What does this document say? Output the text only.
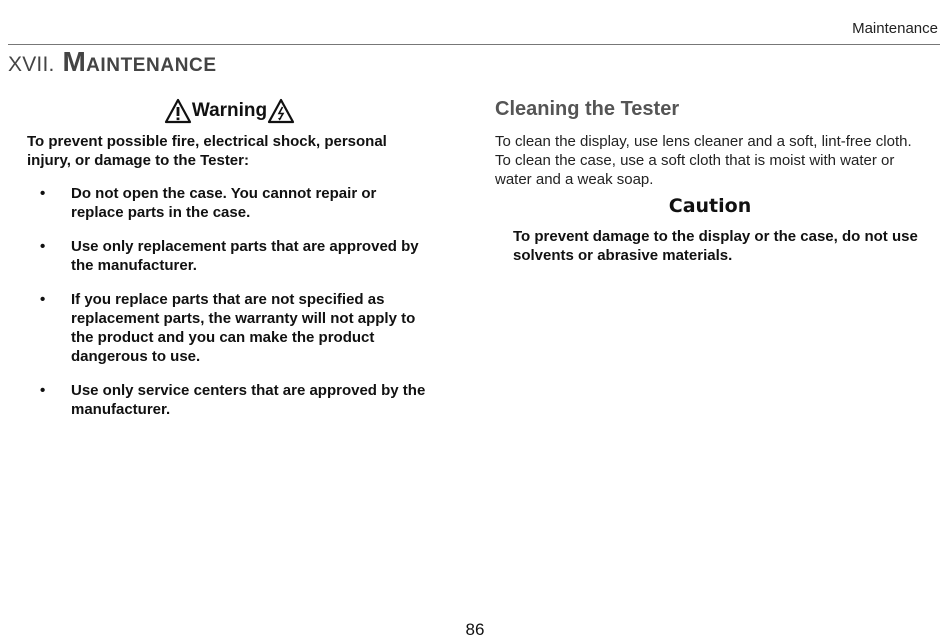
Maintenance
XVII. MAINTENANCE
Warning
To prevent possible fire, electrical shock, personal injury, or damage to the Tester:
• Do not open the case. You cannot repair or replace parts in the case.
• Use only replacement parts that are approved by the manufacturer.
• If you replace parts that are not specified as replacement parts, the warranty will not apply to the product and you can make the product dangerous to use.
• Use only service centers that are approved by the manufacturer.
Cleaning the Tester
To clean the display, use lens cleaner and a soft, lint-free cloth. To clean the case, use a soft cloth that is moist with water or water and a weak soap.
Caution
To prevent damage to the display or the case, do not use solvents or abrasive materials.
86
